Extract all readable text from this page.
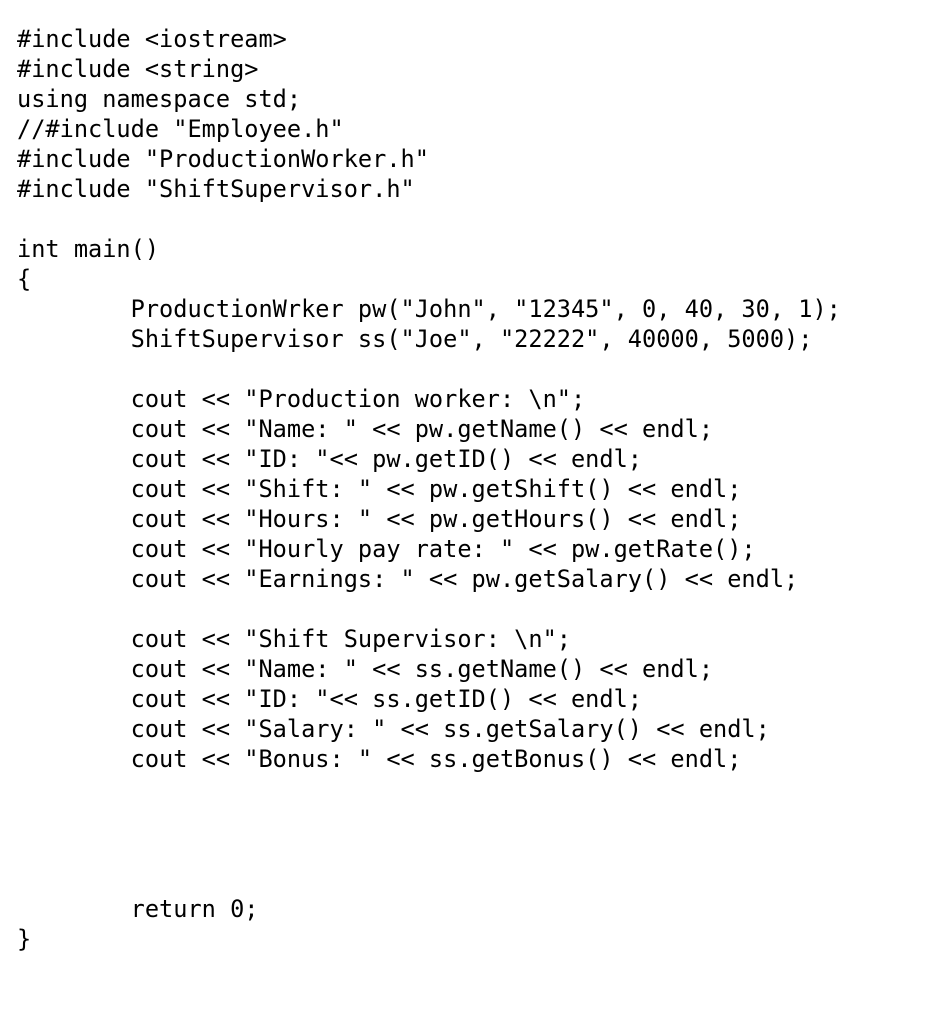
#include <iostream>
#include <string>
using namespace std;
//#include "Employee.h"
#include "ProductionWorker.h"
#include "ShiftSupervisor.h"
int main()
{
ProductionWrker pw("John", "12345", 0, 40, 30, 1);
ShiftSupervisor ss("Joe", "22222", 40000, 5000);
cout << "Production worker: \n";
cout << "Name: " << pw.getName() << endl;
cout << "ID: "<< pw.getID() << endl;
cout << "Shift: " << pw.getShift() << endl;
cout << "Hours: " << pw.getHours() << endl;
cout << "Hourly pay rate: " << pw.getRate();
cout << "Earnings: " << pw.getSalary() << endl;
cout << "Shift Supervisor: \n";
cout << "Name: " << ss.getName() << endl;
cout << "ID: "<< ss.getID() << endl;
cout << "Salary: " << ss.getSalary() << endl;
cout << "Bonus: " << ss.getBonus() << endl;
return 0;
}
